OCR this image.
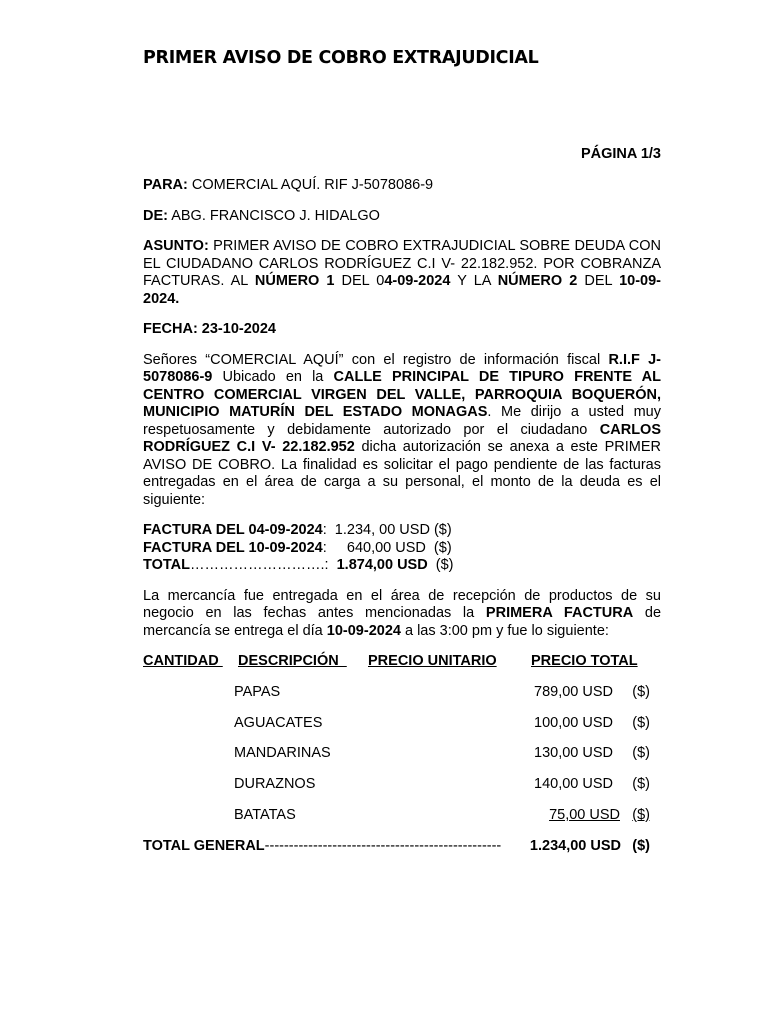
PRIMER AVISO DE COBRO EXTRAJUDICIAL
PÁGINA 1/3

PARA: COMERCIAL AQUÍ. RIF J-5078086-9

DE: ABG. FRANCISCO J. HIDALGO

ASUNTO: PRIMER AVISO DE COBRO EXTRAJUDICIAL SOBRE DEUDA CON EL CIUDADANO CARLOS RODRÍGUEZ C.I V- 22.182.952. POR COBRANZA FACTURAS. AL NÚMERO 1 DEL 04-09-2024 Y LA NÚMERO 2 DEL 10-09-2024.

FECHA: 23-10-2024

Señores “COMERCIAL AQUÍ” con el registro de información fiscal R.I.F J-5078086-9 Ubicado en la CALLE PRINCIPAL DE TIPURO FRENTE AL CENTRO COMERCIAL VIRGEN DEL VALLE, PARROQUIA BOQUERÓN, MUNICIPIO MATURÍN DEL ESTADO MONAGAS. Me dirijo a usted muy respetuosamente y debidamente autorizado por el ciudadano CARLOS RODRÍGUEZ C.I V- 22.182.952 dicha autorización se anexa a este PRIMER AVISO DE COBRO. La finalidad es solicitar el pago pendiente de las facturas entregadas en el área de carga a su personal, el monto de la deuda es el siguiente:

FACTURA DEL 04-09-2024:  1.234, 00 USD ($)
FACTURA DEL 10-09-2024:     640,00 USD  ($)
TOTAL……………………….: 1.874,00 USD ($)

La mercancía fue entregada en el área de recepción de productos de su negocio en las fechas antes mencionadas la PRIMERA FACTURA de mercancía se entrega el día 10-09-2024 a las 3:00 pm y fue lo siguiente:

CANTIDAD DESCRIPCIÓN PRECIO UNITARIO PRECIO TOTAL
PAPAS	789,00 USD ($)
AGUACATES	100,00 USD ($)
MANDARINAS	130,00 USD ($)
DURAZNOS	140,00 USD ($)
BATATAS	75,00 USD ($)
TOTAL GENERAL------------------------------------------------- 1.234,00 USD ($)
